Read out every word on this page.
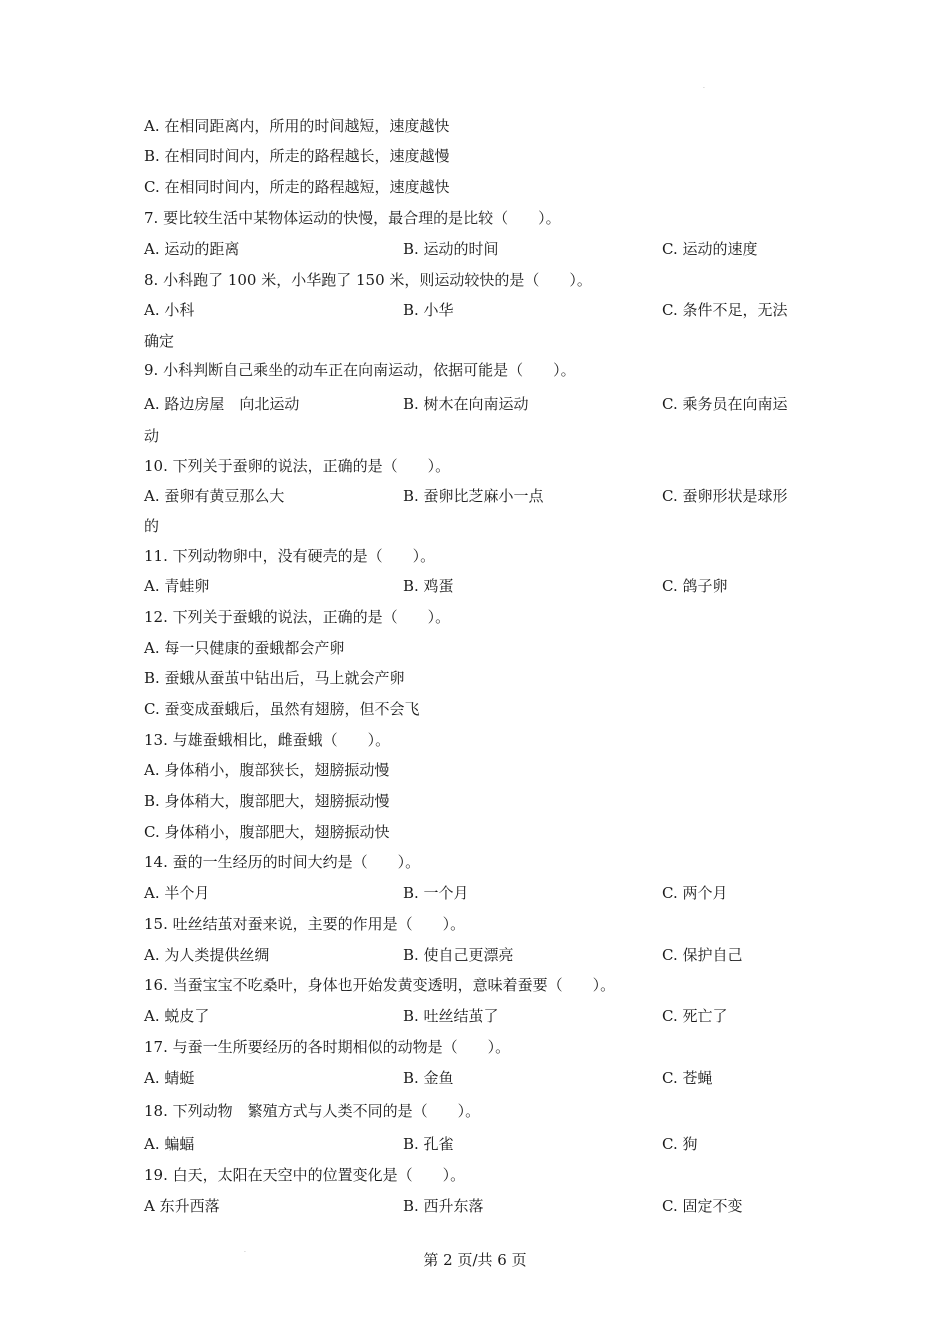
A. 在相同距离内，所用的时间越短，速度越快
B. 在相同时间内，所走的路程越长，速度越慢
C. 在相同时间内，所走的路程越短，速度越快
7. 要比较生活中某物体运动的快慢，最合理的是比较（　　）。
A. 运动的距离	B. 运动的时间	C. 运动的速度
8. 小科跑了 100 米，小华跑了 150 米，则运动较快的是（　　）。
A. 小科	B. 小华	C. 条件不足，无法
确定
9. 小科判断自己乘坐的动车正在向南运动，依据可能是（　　）。
A. 路边房屋　向北运动	B. 树木在向南运动	C. 乘务员在向南运
动
10. 下列关于蚕卵的说法，正确的是（　　）。
A. 蚕卵有黄豆那么大	B. 蚕卵比芝麻小一点	C. 蚕卵形状是球形
的
11. 下列动物卵中，没有硬壳的是（　　）。
A. 青蛙卵	B. 鸡蛋	C. 鸽子卵
12. 下列关于蚕蛾的说法，正确的是（　　）。
A. 每一只健康的蚕蛾都会产卵
B. 蚕蛾从蚕茧中钻出后，马上就会产卵
C. 蚕变成蚕蛾后，虽然有翅膀，但不会飞
13. 与雄蚕蛾相比，雌蚕蛾（　　）。
A. 身体稍小，腹部狭长，翅膀振动慢
B. 身体稍大，腹部肥大，翅膀振动慢
C. 身体稍小，腹部肥大，翅膀振动快
14. 蚕的一生经历的时间大约是（　　）。
A. 半个月	B. 一个月	C. 两个月
15. 吐丝结茧对蚕来说，主要的作用是（　　）。
A. 为人类提供丝绸	B. 使自己更漂亮	C. 保护自己
16. 当蚕宝宝不吃桑叶，身体也开始发黄变透明，意味着蚕要（　　）。
A. 蜕皮了	B. 吐丝结茧了	C. 死亡了
17. 与蚕一生所要经历的各时期相似的动物是（　　）。
A. 蜻蜓	B. 金鱼	C. 苍蝇
18. 下列动物　繁殖方式与人类不同的是（　　）。
A. 蝙蝠	B. 孔雀	C. 狗
19. 白天，太阳在天空中的位置变化是（　　）。
A 东升西落	B. 西升东落	C. 固定不变
第 2 页/共 6 页
·
·
